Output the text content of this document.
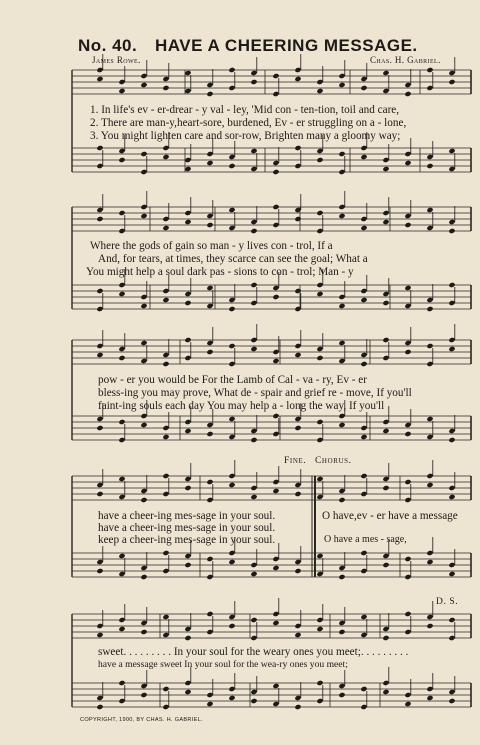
No. 40. HAVE A CHEERING MESSAGE.
James Rowe.	Chas. H. Gabriel.
1. In life's ev - er-drear - y val - ley, 'Mid con - ten-tion, toil and care,
2. There are man-y,heart-sore, burdened, Ev - er struggling on a - lone,
3. You might lighten care and sor-row, Brighten many a gloomy way;
Where the gods of gain so man - y lives con - trol, If a
And, for tears, at times, they scarce can see the goal; What a
You might help a soul dark pas - sions to con - trol; Man - y
pow - er you would be For the Lamb of Cal - va - ry, Ev - er
bless-ing you may prove, What de - spair and grief re - move, If you'll
faint-ing souls each day You may help a - long the way, If you'll
Fine. Chorus.
have a cheer-ing mes-sage in your soul.
have a cheer-ing mes-sage in your soul.
keep a cheer-ing mes-sage in your soul.
O have,ev - er have a message
O have a mes - sage,
D. S.
sweet. . . . . . . . . In your soul for the weary ones you meet;. . . . . . . . .
have a message sweet In your soul for the wea-ry ones you meet;
COPYRIGHT, 1900, BY CHAS. H. GABRIEL.
